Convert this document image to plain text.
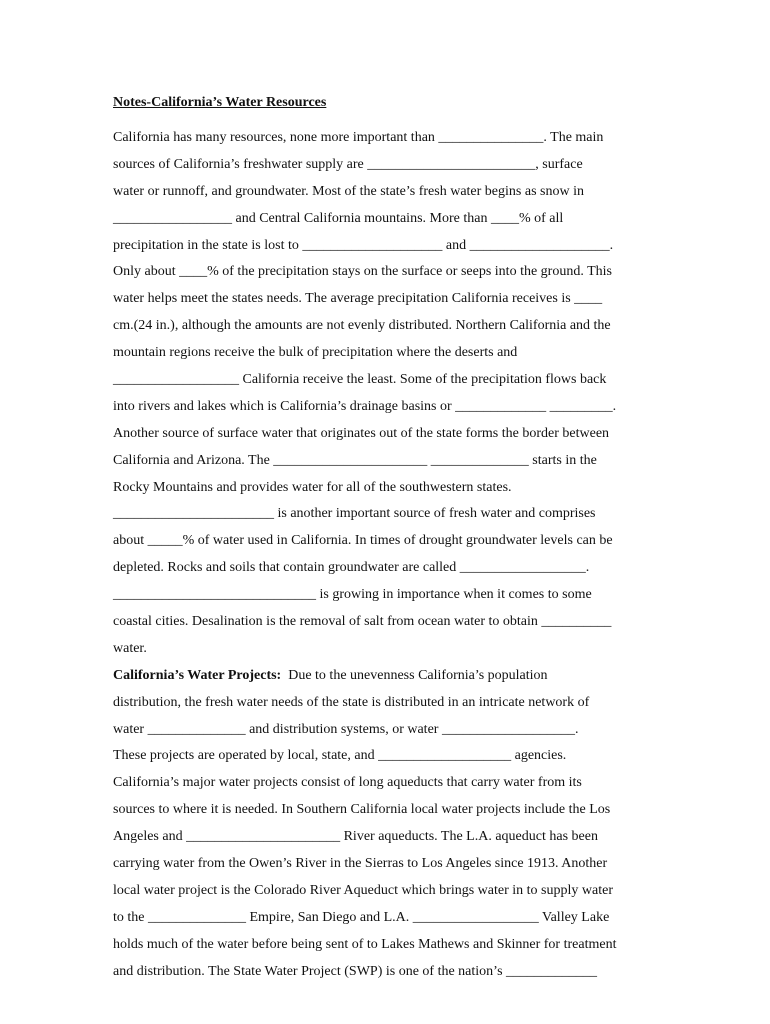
Notes-California’s Water Resources
California has many resources, none more important than _______________. The main
sources of California’s freshwater supply are ________________________, surface
water or runnoff, and groundwater. Most of the state’s fresh water begins as snow in
_________________ and Central California mountains. More than ____% of all
precipitation in the state is lost to ____________________ and ____________________.
Only about ____% of the precipitation stays on the surface or seeps into the ground. This
water helps meet the states needs. The average precipitation California receives is ____
cm.(24 in.), although the amounts are not evenly distributed. Northern California and the
mountain regions receive the bulk of precipitation where the deserts and
__________________ California receive the least. Some of the precipitation flows back
into rivers and lakes which is California’s drainage basins or _____________ _________.
Another source of surface water that originates out of the state forms the border between
California and Arizona. The ______________________ ______________ starts in the
Rocky Mountains and provides water for all of the southwestern states.
_______________________ is another important source of fresh water and comprises
about _____% of water used in California. In times of drought groundwater levels can be
depleted. Rocks and soils that contain groundwater are called __________________.
_____________________________ is growing in importance when it comes to some
coastal cities. Desalination is the removal of salt from ocean water to obtain __________
water.
California’s Water Projects:  Due to the unevenness California’s population
distribution, the fresh water needs of the state is distributed in an intricate network of
water ______________ and distribution systems, or water ___________________.
These projects are operated by local, state, and ___________________ agencies.
California’s major water projects consist of long aqueducts that carry water from its
sources to where it is needed. In Southern California local water projects include the Los
Angeles and ______________________ River aqueducts. The L.A. aqueduct has been
carrying water from the Owen’s River in the Sierras to Los Angeles since 1913. Another
local water project is the Colorado River Aqueduct which brings water in to supply water
to the ______________ Empire, San Diego and L.A. __________________ Valley Lake
holds much of the water before being sent of to Lakes Mathews and Skinner for treatment
and distribution. The State Water Project (SWP) is one of the nation’s _____________
